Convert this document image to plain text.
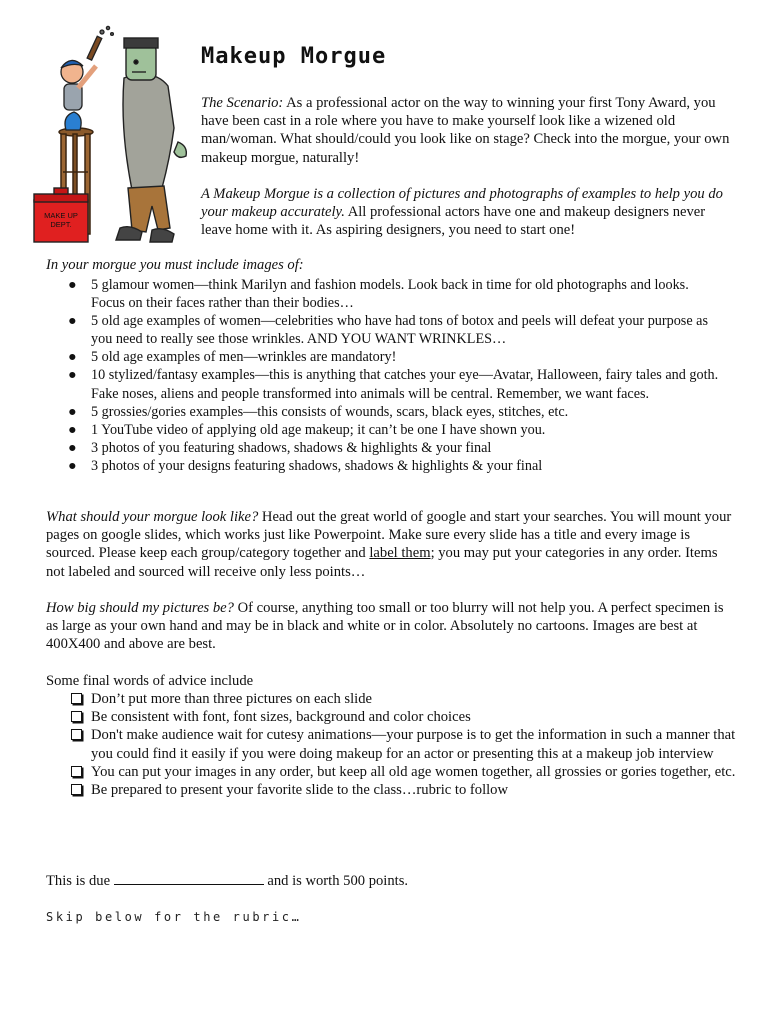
MAKE UP
DEPT.
Makeup Morgue

The Scenario: As a professional actor on the way to winning your first Tony Award, you have been cast in a role where you have to make yourself look like a wizened old man/woman. What should/could you look like on stage? Check into the morgue, your own makeup morgue, naturally!

A Makeup Morgue is a collection of pictures and photographs of examples to help you do your makeup accurately. All professional actors have one and makeup designers never leave home with it. As aspiring designers, you need to start one!

In your morgue you must include images of:

● 5 glamour women—think Marilyn and fashion models. Look back in time for old photographs and looks. Focus on their faces rather than their bodies…
● 5 old age examples of women—celebrities who have had tons of botox and peels will defeat your purpose as you need to really see those wrinkles. AND YOU WANT WRINKLES…
● 5 old age examples of men—wrinkles are mandatory!
● 10 stylized/fantasy examples—this is anything that catches your eye—Avatar, Halloween, fairy tales and goth. Fake noses, aliens and people transformed into animals will be central. Remember, we want faces.
● 5 grossies/gories examples—this consists of wounds, scars, black eyes, stitches, etc.
● 1 YouTube video of applying old age makeup; it can’t be one I have shown you.
● 3 photos of you featuring shadows, shadows & highlights & your final
● 3 photos of your designs featuring shadows, shadows & highlights & your final

What should your morgue look like? Head out the great world of google and start your searches. You will mount your pages on google slides, which works just like Powerpoint. Make sure every slide has a title and every image is sourced. Please keep each group/category together and label them; you may put your categories in any order. Items not labeled and sourced will receive only less points…

How big should my pictures be? Of course, anything too small or too blurry will not help you. A perfect specimen is as large as your own hand and may be in black and white or in color. Absolutely no cartoons. Images are best at 400X400 and above are best.

Some final words of advice include

Don’t put more than three pictures on each slide
Be consistent with font, font sizes, background and color choices
Don't make audience wait for cutesy animations—your purpose is to get the information in such a manner that you could find it easily if you were doing makeup for an actor or presenting this at a makeup job interview
You can put your images in any order, but keep all old age women together, all grossies or gories together, etc.
Be prepared to present your favorite slide to the class…rubric to follow

This is due	and is worth 500 points.

Skip below for the rubric…
